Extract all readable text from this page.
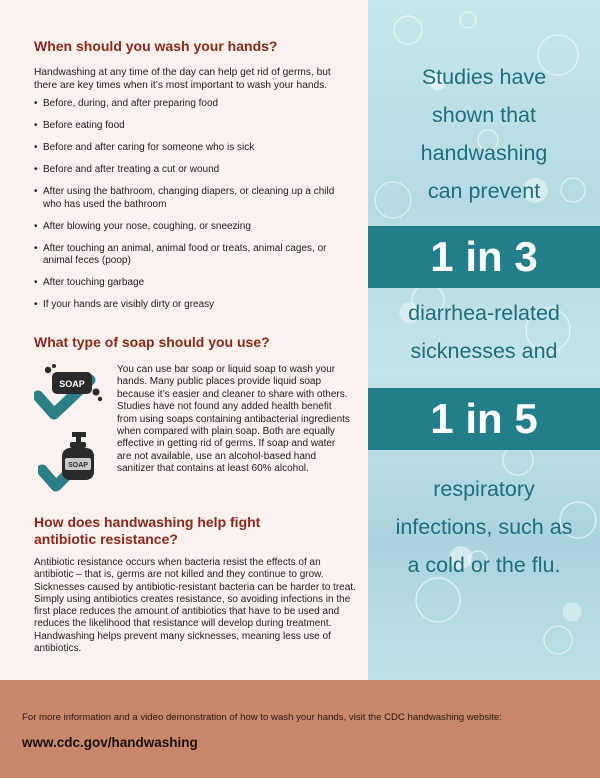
When should you wash your hands?

Handwashing at any time of the day can help get rid of germs, but there are key times when it’s most important to wash your hands.

• Before, during, and after preparing food
• Before eating food
• Before and after caring for someone who is sick
• Before and after treating a cut or wound
• After using the bathroom, changing diapers, or cleaning up a child who has used the bathroom
• After blowing your nose, coughing, or sneezing
• After touching an animal, animal food or treats, animal cages, or animal feces (poop)
• After touching garbage
• If your hands are visibly dirty or greasy
What type of soap should you use?
SOAP
SOAP

You can use bar soap or liquid soap to wash your hands. Many public places provide liquid soap because it’s easier and cleaner to share with others. Studies have not found any added health benefit from using soaps containing antibacterial ingredients when compared with plain soap. Both are equally effective in getting rid of germs. If soap and water are not available, use an alcohol-based hand sanitizer that contains at least 60% alcohol.

How does handwashing help fight antibiotic resistance?

Antibiotic resistance occurs when bacteria resist the effects of an antibiotic – that is, germs are not killed and they continue to grow. Sicknesses caused by antibiotic-resistant bacteria can be harder to treat. Simply using antibiotics creates resistance, so avoiding infections in the first place reduces the amount of antibiotics that have to be used and reduces the likelihood that resistance will develop during treatment. Handwashing helps prevent many sicknesses, meaning less use of antibiotics.

Studies have
shown that
handwashing
can prevent
1 in 3
diarrhea-related
sicknesses and
1 in 5
respiratory
infections, such as
a cold or the flu.

For more information and a video demonstration of how to wash your hands, visit the CDC handwashing website:

www.cdc.gov/handwashing
